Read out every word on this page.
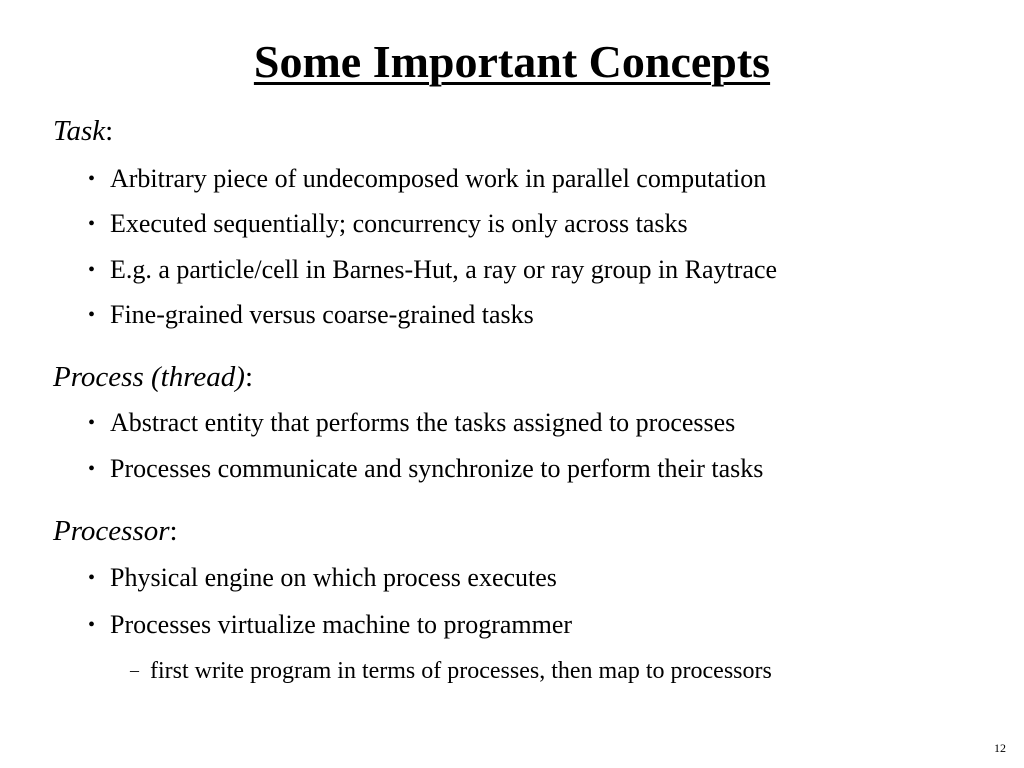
Some Important Concepts
Task:
• Arbitrary piece of undecomposed work in parallel computation
• Executed sequentially; concurrency is only across tasks
• E.g. a particle/cell in Barnes-Hut, a ray or ray group in Raytrace
• Fine-grained versus coarse-grained tasks
Process (thread):
• Abstract entity that performs the tasks assigned to processes
• Processes communicate and synchronize to perform their tasks
Processor:
• Physical engine on which process executes
• Processes virtualize machine to programmer
– first write program in terms of processes, then map to processors
12
